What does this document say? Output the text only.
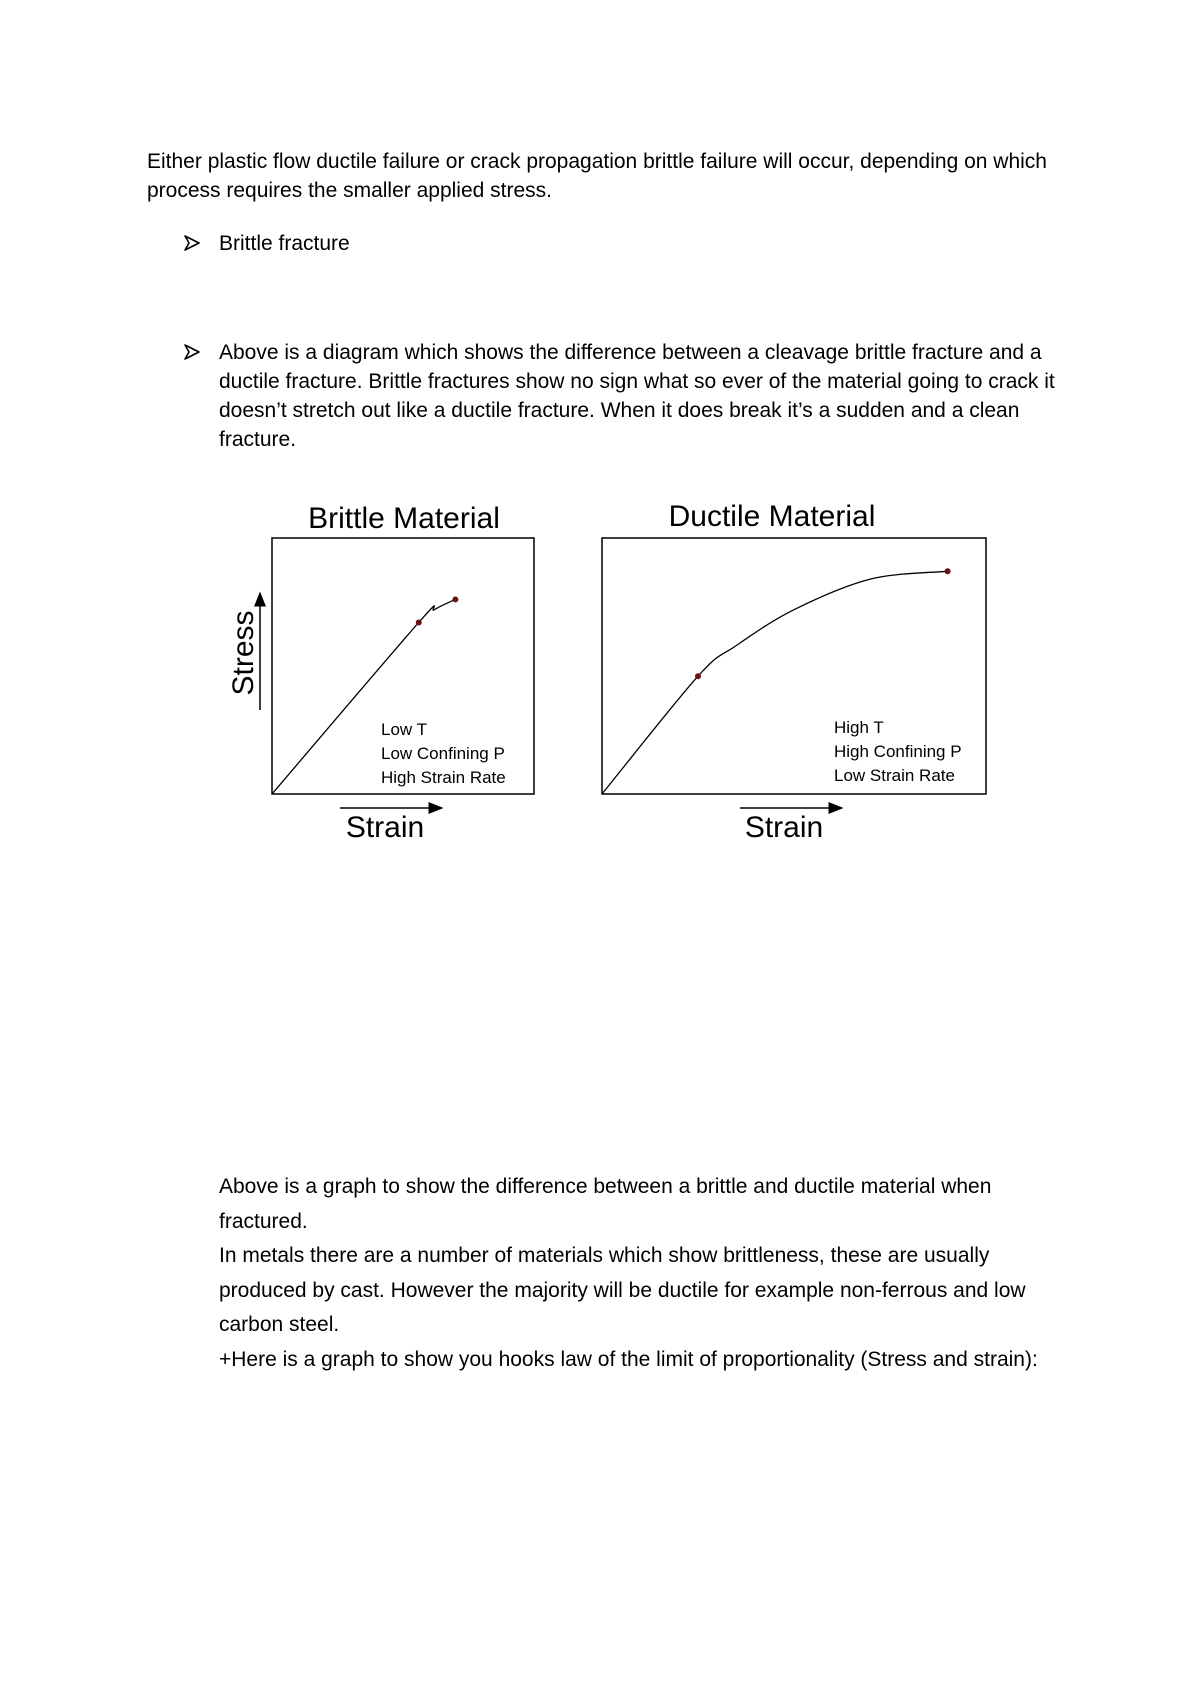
Either plastic flow ductile failure or crack propagation brittle failure will occur, depending on which process requires the smaller applied stress.

Brittle fracture
Above is a diagram which shows the difference between a cleavage brittle fracture and a ductile fracture. Brittle fractures show no sign what so ever of the material going to crack it doesn’t stretch out like a ductile fracture. When it does break it’s a sudden and a clean fracture.
Brittle Material
Low T
Low Confining P
High Strain Rate
Stress
Strain
Ductile Material
High T
High Confining P
Low Strain Rate
Strain

Above is a graph to show the difference between a brittle and ductile material when fractured.

In metals there are a number of materials which show brittleness, these are usually produced by cast. However the majority will be ductile for example non-ferrous and low carbon steel.

+Here is a graph to show you hooks law of the limit of proportionality (Stress and strain):
